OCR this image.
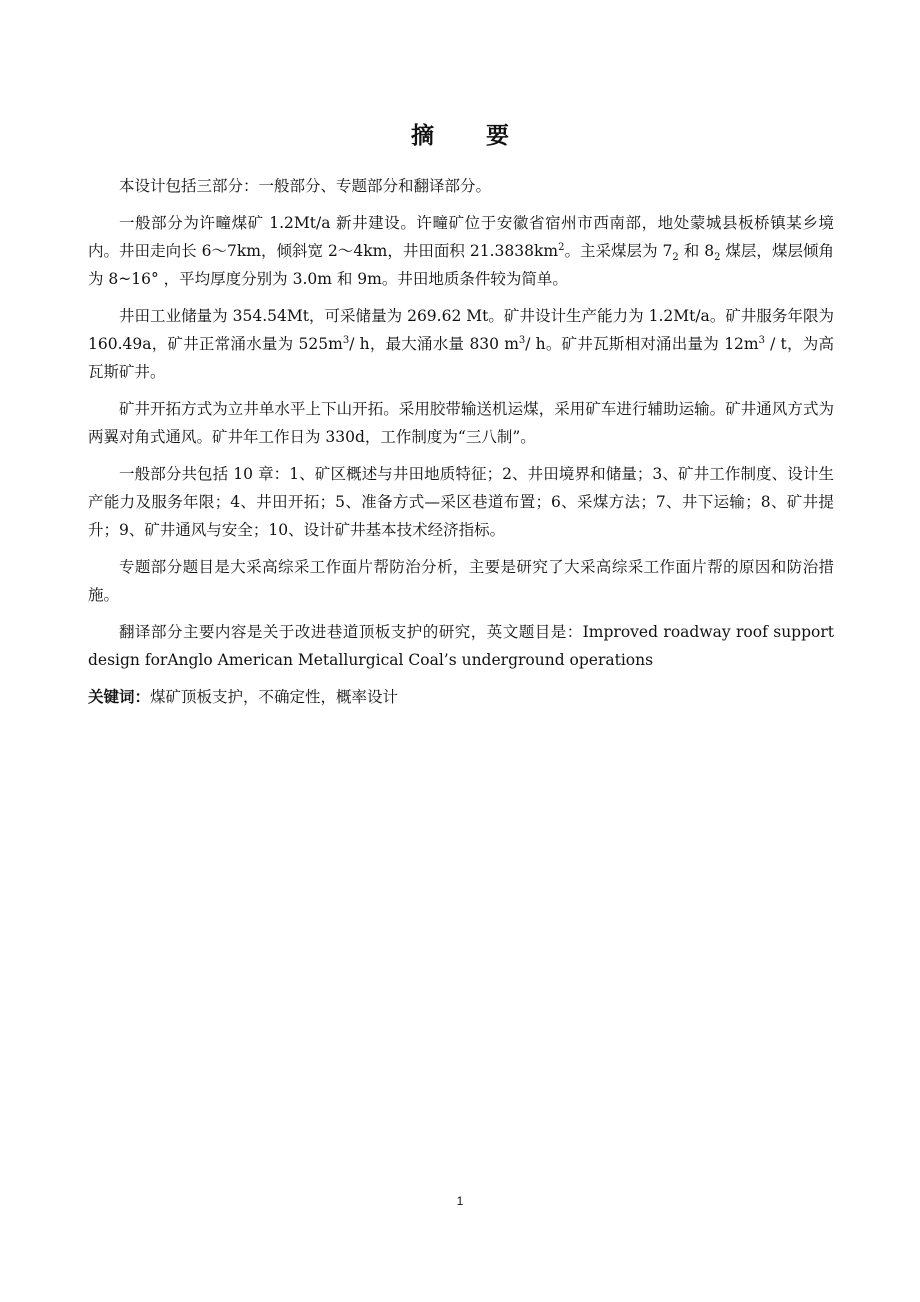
摘 要

本设计包括三部分：一般部分、专题部分和翻译部分。

一般部分为许疃煤矿 1.2Mt/a 新井建设。许疃矿位于安徽省宿州市西南部，地处蒙城县板桥镇某乡境内。井田走向长 6～7km，倾斜宽 2～4km，井田面积 $21.3838km^2$。主采煤层为 $7_2$ 和 $8_2$ 煤层，煤层倾角为 8~16° ，平均厚度分别为 3.0m 和 9m。井田地质条件较为简单。

井田工业储量为 354.54Mt，可采储量为 269.62 Mt。矿井设计生产能力为 1.2Mt/a。矿井服务年限为 160.49a，矿井正常涌水量为 $525m^3/$ h，最大涌水量 830 $m^3/$ h。矿井瓦斯相对涌出量为 $12m^3$ / t，为高瓦斯矿井。

矿井开拓方式为立井单水平上下山开拓。采用胶带输送机运煤，采用矿车进行辅助运输。矿井通风方式为两翼对角式通风。矿井年工作日为 330d，工作制度为“三八制”。

一般部分共包括 10 章：1、矿区概述与井田地质特征；2、井田境界和储量；3、矿井工作制度、设计生产能力及服务年限；4、井田开拓；5、准备方式—采区巷道布置；6、采煤方法；7、井下运输；8、矿井提升；9、矿井通风与安全；10、设计矿井基本技术经济指标。

专题部分题目是大采高综采工作面片帮防治分析，主要是研究了大采高综采工作面片帮的原因和防治措施。

翻译部分主要内容是关于改进巷道顶板支护的研究，英文题目是：Improved roadway roof support design forAnglo American Metallurgical Coal’s underground operations

关键词：煤矿顶板支护，不确定性，概率设计

1
